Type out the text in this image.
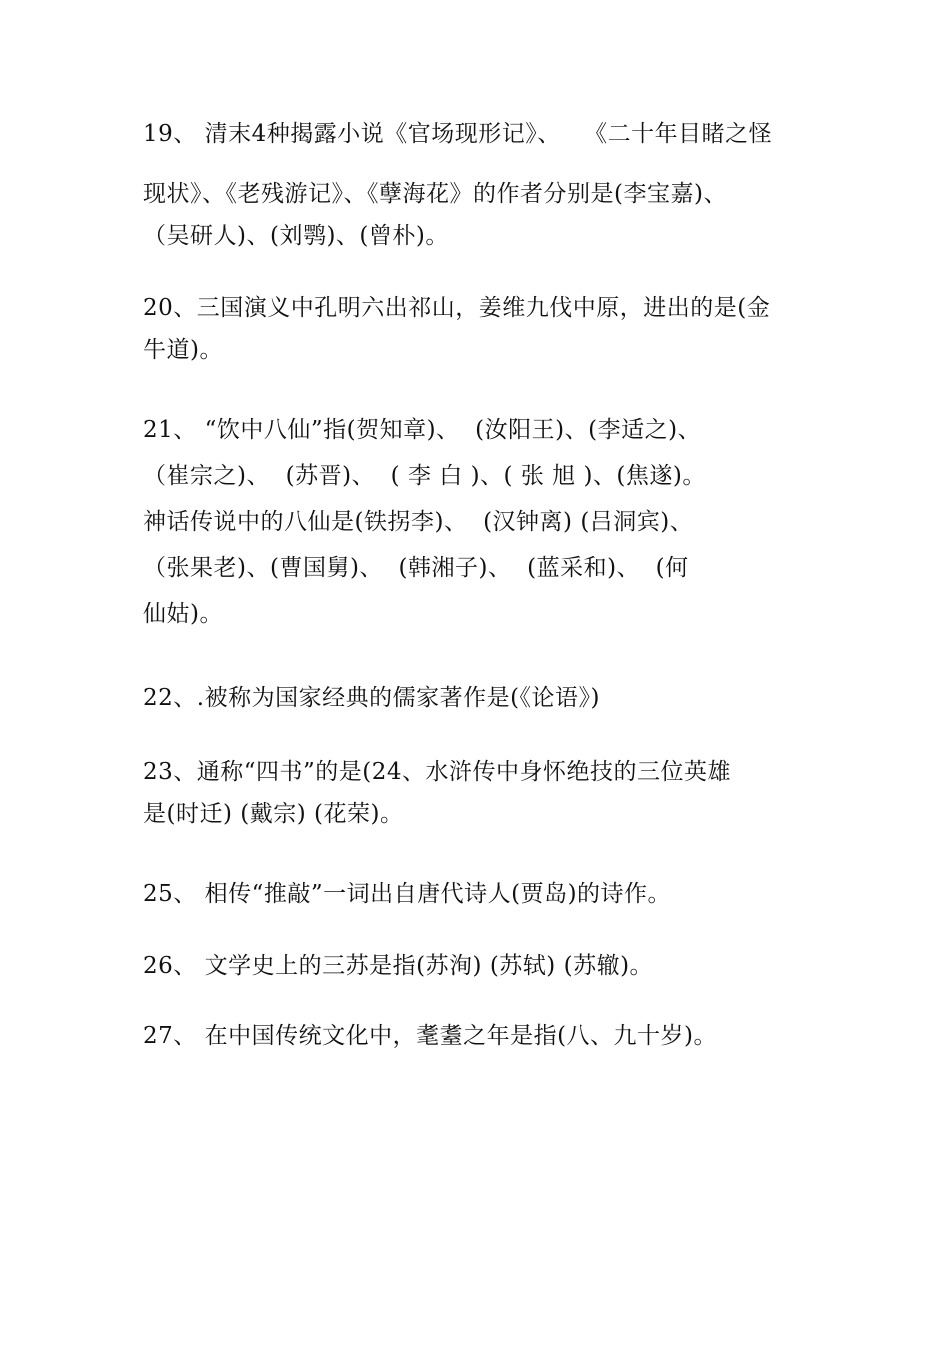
19、 清末4种揭露小说《官场现形记》、   《二十年目睹之怪
现状》、《老残游记》、《孽海花》的作者分别是(李宝嘉)、
（吴研人)、(刘鹗)、(曾朴)。
20、三国演义中孔明六出祁山，姜维九伐中原，进出的是(金
牛道)。
21、 “饮中八仙”指(贺知章)、  (汝阳王)、(李适之)、
（崔宗之)、  (苏晋)、  ( 李 白 )、( 张 旭 )、(焦遂)。
神话传说中的八仙是(铁拐李)、  (汉钟离) (吕洞宾)、
（张果老)、(曹国舅)、  (韩湘子)、  (蓝采和)、  (何
仙姑)。
22、.被称为国家经典的儒家著作是(《论语》)
23、通称“四书”的是(24、水浒传中身怀绝技的三位英雄
是(时迁) (戴宗) (花荣)。
25、 相传“推敲”一词出自唐代诗人(贾岛)的诗作。
26、 文学史上的三苏是指(苏洵) (苏轼) (苏辙)。
27、 在中国传统文化中，耄耋之年是指(八、九十岁)。
